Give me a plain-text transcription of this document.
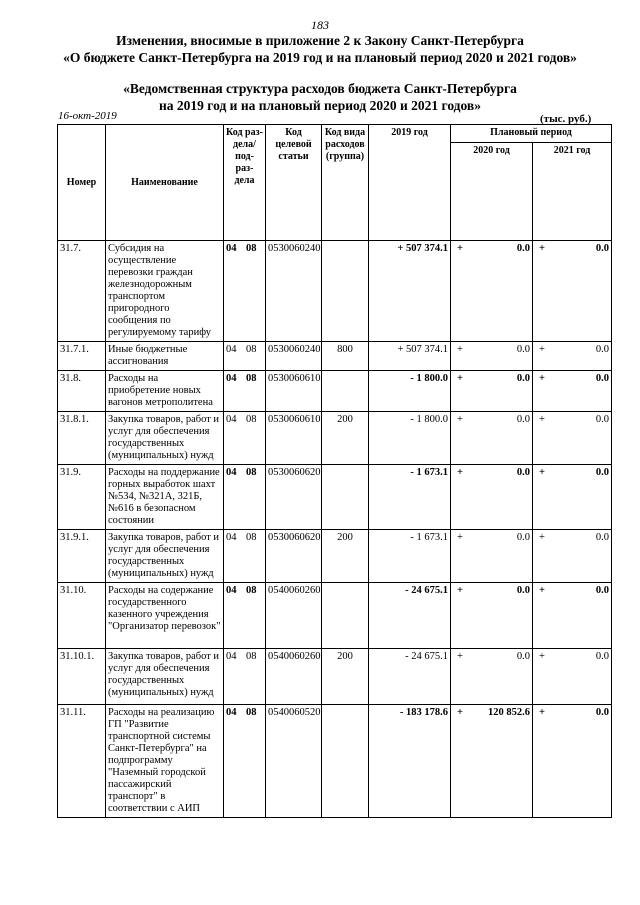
183
Изменения, вносимые в приложение 2 к Закону Санкт-Петербурга
«О бюджете Санкт-Петербурга на 2019 год и на плановый период 2020 и 2021 годов»
«Ведомственная структура расходов бюджета Санкт-Петербурга
на 2019 год и на плановый период 2020 и 2021 годов»
16-окт-2019	(тыс. руб.)
Номер	Наименование	Код раз- дела/ под- раз- дела	Код целевой статьи	Код вида расходов (группа)	2019 год	Плановый период	
						2020 год	2021 год
31.7.	Субсидия на осуществление перевозки граждан железнодорожным транспортом пригородного сообщения по регулируемому тарифу	04 08	0530060240		+ 507 374.1	+ 0.0	+ 0.0
31.7.1.	Иные бюджетные ассигнования	04 08	0530060240	800	+ 507 374.1	+ 0.0	+ 0.0
31.8.	Расходы на приобретение новых вагонов метрополитена	04 08	0530060610		- 1 800.0	+ 0.0	+ 0.0
31.8.1.	Закупка товаров, работ и услуг для обеспечения государственных (муниципальных) нужд	04 08	0530060610	200	- 1 800.0	+ 0.0	+ 0.0
31.9.	Расходы на поддержание горных выработок шахт №534, №321А, 321Б, №616 в безопасном состоянии	04 08	0530060620		- 1 673.1	+ 0.0	+ 0.0
31.9.1.	Закупка товаров, работ и услуг для обеспечения государственных (муниципальных) нужд	04 08	0530060620	200	- 1 673.1	+ 0.0	+ 0.0
31.10.	Расходы на содержание государственного казенного учреждения "Организатор перевозок"	04 08	0540060260		- 24 675.1	+ 0.0	+ 0.0
31.10.1.	Закупка товаров, работ и услуг для обеспечения государственных (муниципальных) нужд	04 08	0540060260	200	- 24 675.1	+ 0.0	+ 0.0
31.11.	Расходы на реализацию ГП "Развитие транспортной системы Санкт-Петербурга" на подпрограмму "Наземный городской пассажирский транспорт" в соответствии с АИП	04 08	0540060520		- 183 178.6	+ 120 852.6	+ 0.0
